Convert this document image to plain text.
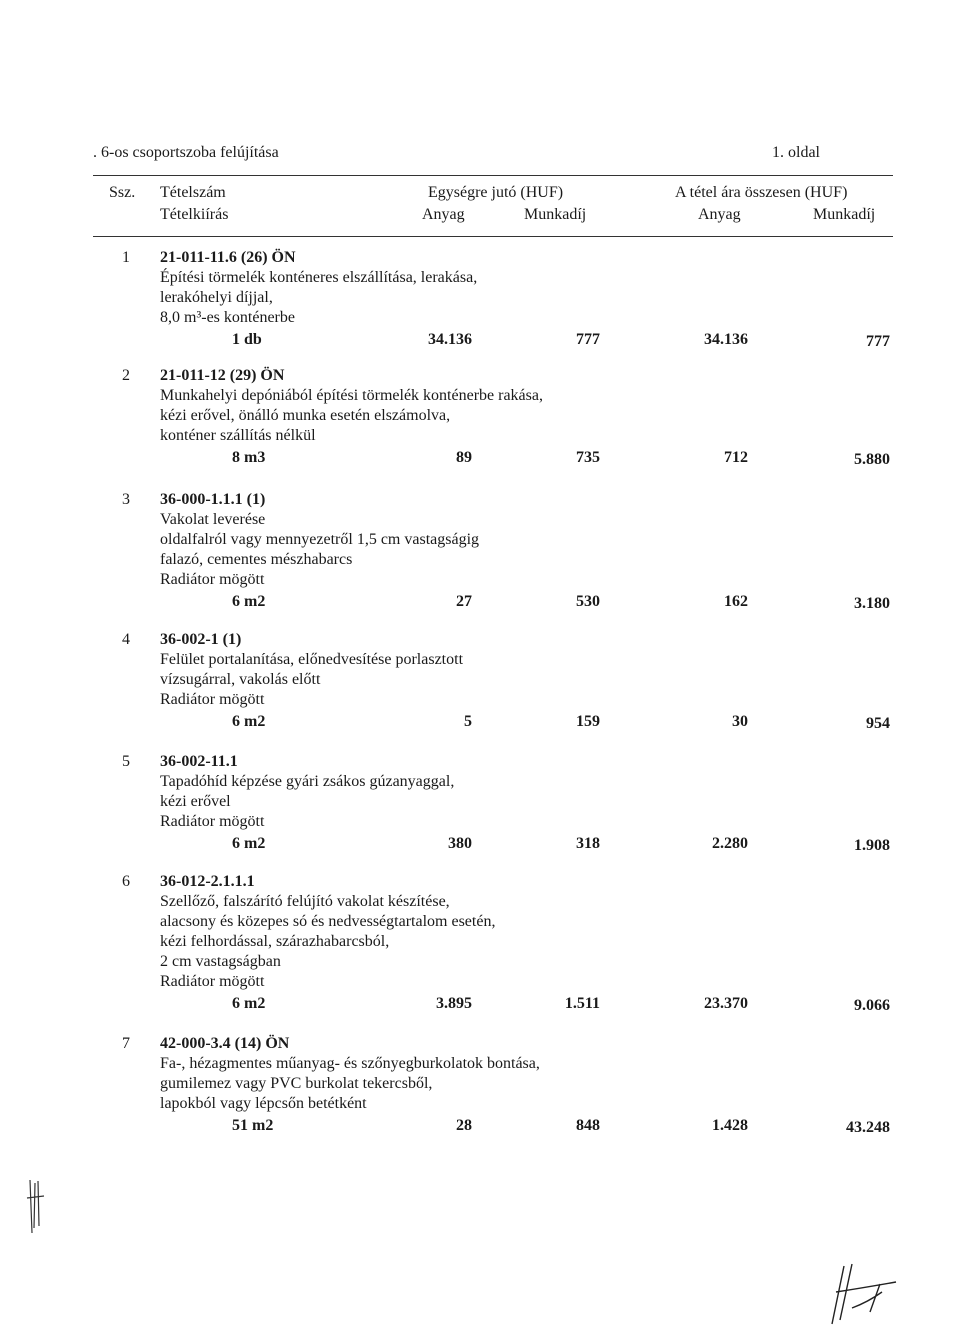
. 6-os csoportszoba felújítása	1. oldal
Ssz. Tételszám
Tételkiírás
Egységre jutó (HUF)	A tétel ára összesen (HUF)
Anyag	Munkadíj	Anyag	Munkadíj
1 21-011-11.6 (26) ÖN
Építési törmelék konténeres elszállítása, lerakása,
lerakóhelyi díjjal,
8,0 m³-es konténerbe
1 db	34.136	777	34.136	777
2 21-011-12 (29) ÖN
Munkahelyi depóniából építési törmelék konténerbe rakása,
kézi erővel, önálló munka esetén elszámolva,
konténer szállítás nélkül
8 m3	89	735	712	5.880
3 36-000-1.1.1 (1)
Vakolat leverése
oldalfalról vagy mennyezetről 1,5 cm vastagságig
falazó, cementes mészhabarcs
Radiátor mögött
6 m2	27	530	162	3.180
4 36-002-1 (1)
Felület portalanítása, előnedvesítése porlasztott
vízsugárral, vakolás előtt
Radiátor mögött
6 m2	5	159	30	954
5 36-002-11.1
Tapadóhíd képzése gyári zsákos gúzanyaggal,
kézi erővel
Radiátor mögött
6 m2	380	318	2.280	1.908
6 36-012-2.1.1.1
Szellőző, falszárító felújító vakolat készítése,
alacsony és közepes só és nedvességtartalom esetén,
kézi felhordással, szárazhabarcsból,
2 cm vastagságban
Radiátor mögött
6 m2	3.895	1.511	23.370	9.066
7 42-000-3.4 (14) ÖN
Fa-, hézagmentes műanyag- és szőnyegburkolatok bontása,
gumilemez vagy PVC burkolat tekercsből,
lapokból vagy lépcsőn betétként
51 m2	28	848	1.428	43.248
